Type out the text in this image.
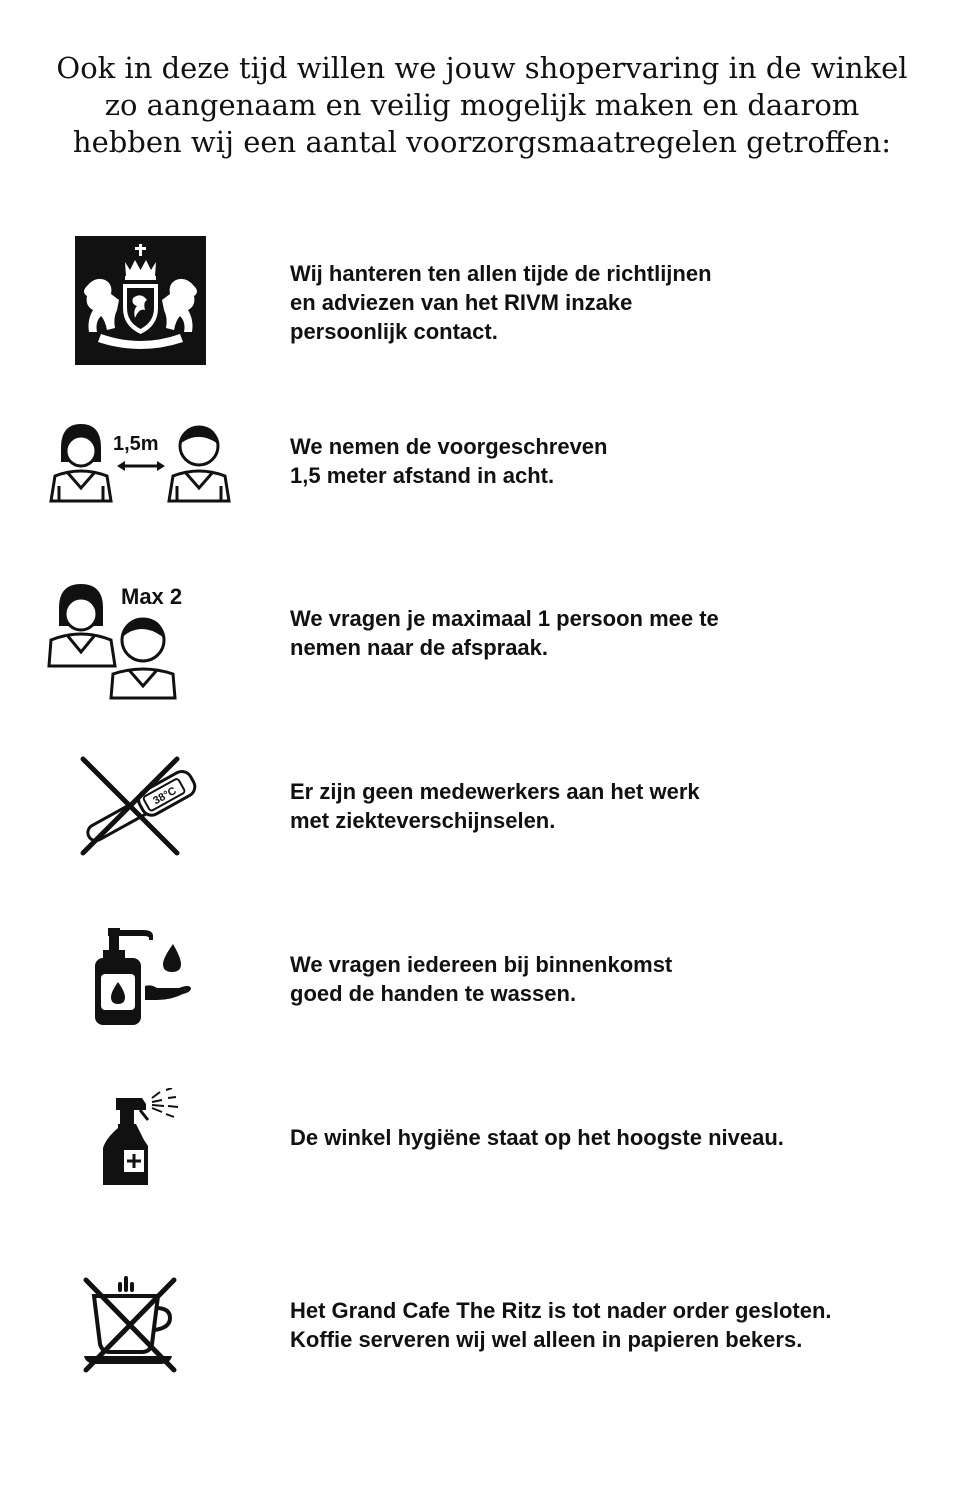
Ook in deze tijd willen we jouw shopervaring in de winkel
zo aangenaam en veilig mogelijk maken en daarom
hebben wij een aantal voorzorgsmaatregelen getroffen:
Wij hanteren ten allen tijde de richtlijnen
en adviezen van het RIVM inzake
persoonlijk contact.
1,5m	We nemen de voorgeschreven
1,5 meter afstand in acht.
Max 2
We vragen je maximaal 1 persoon mee te
nemen naar de afspraak.
38°C	Er zijn geen medewerkers aan het werk
met ziekteverschijnselen.
We vragen iedereen bij binnenkomst
goed de handen te wassen.
De winkel hygiëne staat op het hoogste niveau.
Het Grand Cafe The Ritz is tot nader order gesloten.
Koffie serveren wij wel alleen in papieren bekers.
